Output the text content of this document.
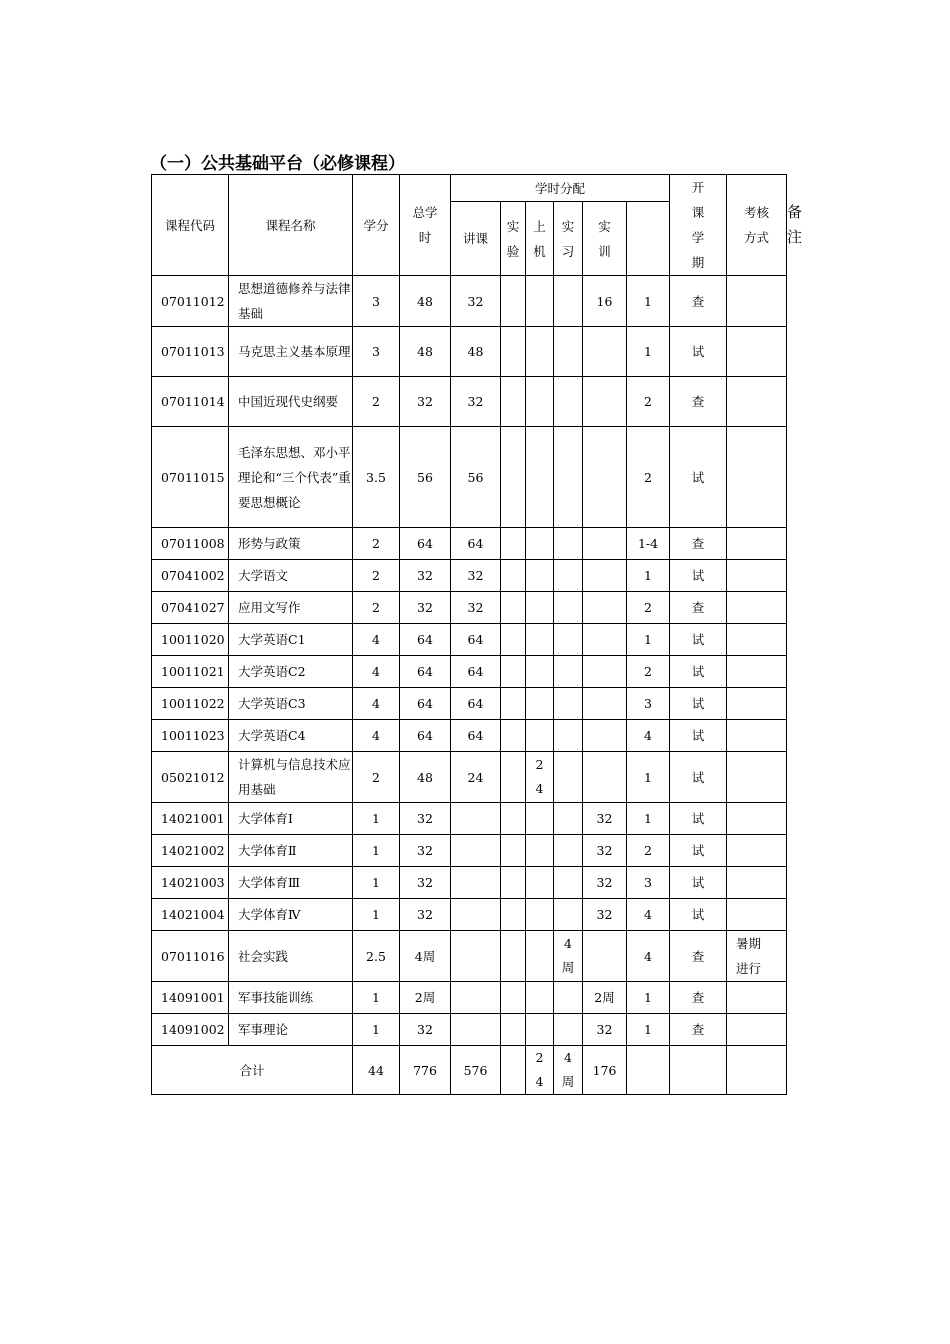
（一）公共基础平台（必修课程）
课程代码	课程名称	学分	总学时	学时分配						开课学期	考核方式	备注
				讲课	实验	上机	实习	实训				
07011012	思想道德修养与法律基础	3	48	32				16	1	查		
07011013	马克思主义基本原理	3	48	48					1	试		
07011014	中国近现代史纲要	2	32	32					2	查		
07011015	毛泽东思想、邓小平理论和“三个代表”重要思想概论	3.5	56	56					2	试		
07011008	形势与政策	2	64	64					1-4	查		
07041002	大学语文	2	32	32					1	试		
07041027	应用文写作	2	32	32					2	查		
10011020	大学英语C1	4	64	64					1	试		
10011021	大学英语C2	4	64	64					2	试		
10011022	大学英语C3	4	64	64					3	试		
10011023	大学英语C4	4	64	64					4	试		
05021012	计算机与信息技术应用基础	2	48	24		24			1	试		
14021001	大学体育Ⅰ	1	32					32	1	试		
14021002	大学体育Ⅱ	1	32					32	2	试		
14021003	大学体育Ⅲ	1	32					32	3	试		
14021004	大学体育Ⅳ	1	32					32	4	试		
07011016	社会实践	2.5	4周				4周		4	查	暑期进行	
14091001	军事技能训练	1	2周					2周	1	查		
14091002	军事理论	1	32					32	1	查		
合计		44	776	576		24	4周	176				
